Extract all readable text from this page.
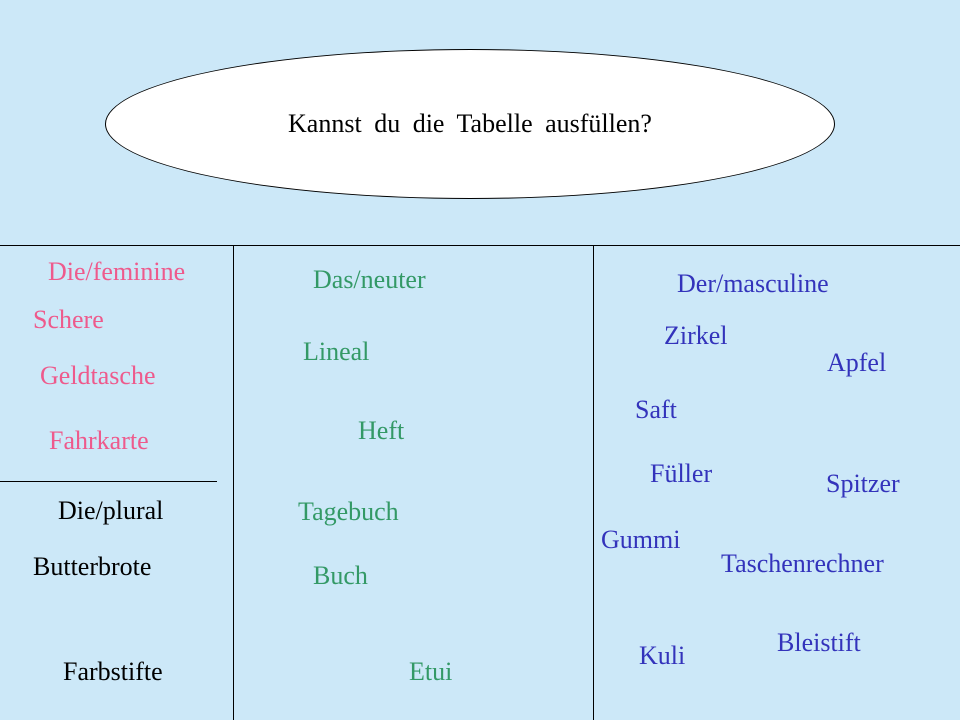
Kannst du die Tabelle ausfüllen?
Die/feminine
Schere
Geldtasche
Fahrkarte
Die/plural
Butterbrote
Farbstifte
Das/neuter
Lineal
Heft
Tagebuch
Buch
Etui
Der/masculine
Zirkel
Apfel
Saft
Füller	Spitzer
Gummi
Taschenrechner
Kuli	Bleistift
